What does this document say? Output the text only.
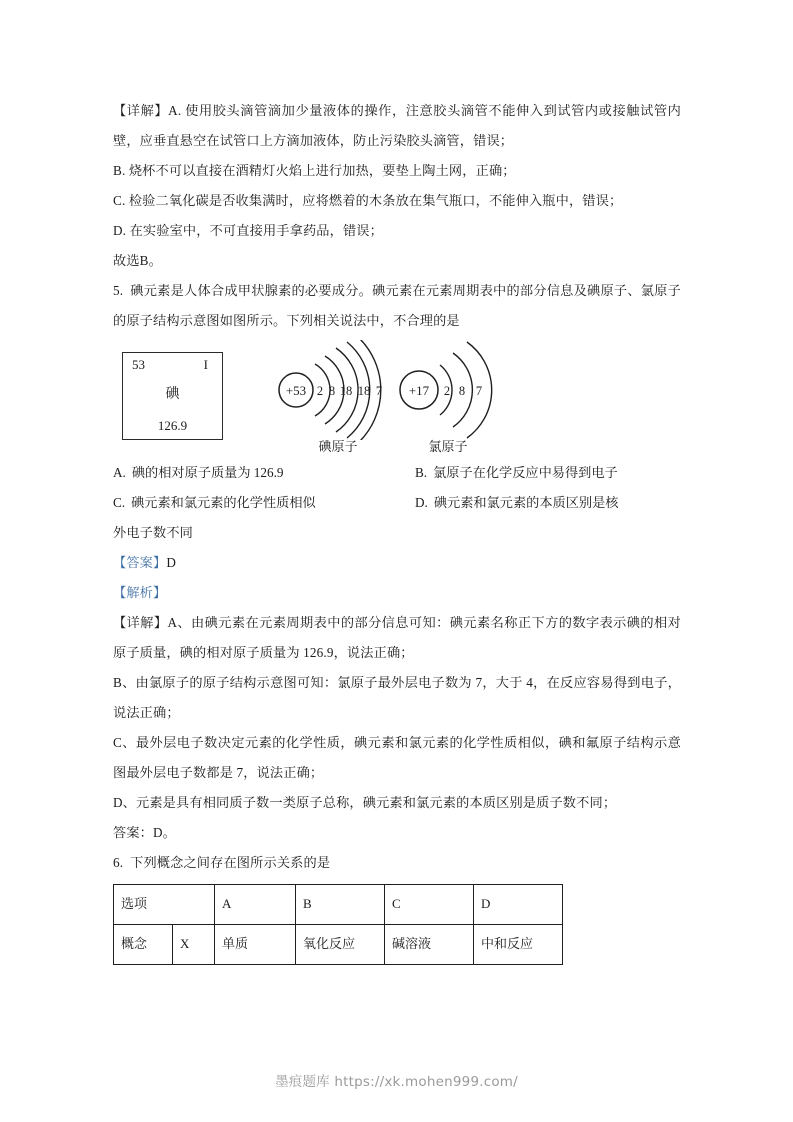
【详解】A. 使用胶头滴管滴加少量液体的操作，注意胶头滴管不能伸入到试管内或接触试管内壁，应垂直悬空在试管口上方滴加液体，防止污染胶头滴管，错误；

B. 烧杯不可以直接在酒精灯火焰上进行加热，要垫上陶土网，正确；

C. 检验二氧化碳是否收集满时，应将燃着的木条放在集气瓶口，不能伸入瓶中，错误；

D. 在实验室中，不可直接用手拿药品，错误；

故选B。

5. 碘元素是人体合成甲状腺素的必要成分。碘元素在元素周期表中的部分信息及碘原子、氯原子的原子结构示意图如图所示。下列相关说法中，不合理的是

53	I
碘
126.9
+53 2 8 18 18 7
碘原子
+17 2 8 7
氯原子
A. 碘的相对原子质量为 126.9	B. 氯原子在化学反应中易得到电子
C. 碘元素和氯元素的化学性质相似	D. 碘元素和氯元素的本质区别是核

外电子数不同

【答案】D

【解析】

【详解】A、由碘元素在元素周期表中的部分信息可知：碘元素名称正下方的数字表示碘的相对原子质量，碘的相对原子质量为 126.9，说法正确；

B、由氯原子的原子结构示意图可知：氯原子最外层电子数为 7，大于 4，在反应容易得到电子，说法正确；

C、最外层电子数决定元素的化学性质，碘元素和氯元素的化学性质相似，碘和氟原子结构示意图最外层电子数都是 7，说法正确；

D、元素是具有相同质子数一类原子总称，碘元素和氯元素的本质区别是质子数不同；

答案：D。

6. 下列概念之间存在图所示关系的是

选项		A	B	C	D
概念	X	单质	氧化反应	碱溶液	中和反应
墨痕题库 https://xk.mohen999.com/
